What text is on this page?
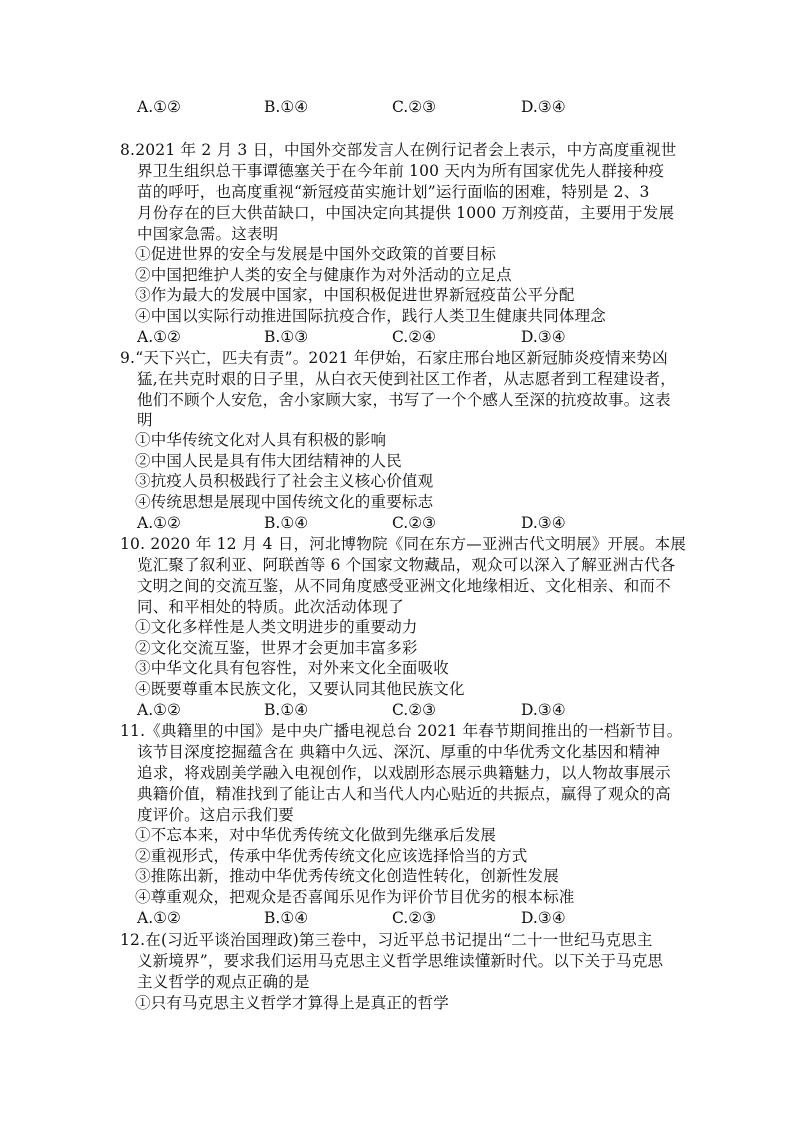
A.①②	B.①④	C.②③	D.③④
8.2021 年 2 月 3 日，中国外交部发言人在例行记者会上表示，中方高度重视世
界卫生组织总干事谭德塞关于在今年前 100 天内为所有国家优先人群接种疫
苗的呼吁，也高度重视“新冠疫苗实施计划”运行面临的困难，特别是 2、3
月份存在的巨大供苗缺口，中国决定向其提供 1000 万剂疫苗，主要用于发展
中国家急需。这表明
①促进世界的安全与发展是中国外交政策的首要目标
②中国把维护人类的安全与健康作为对外活动的立足点
③作为最大的发展中国家，中国积极促进世界新冠疫苗公平分配
④中国以实际行动推进国际抗疫合作，践行人类卫生健康共同体理念
A.①②	B.①③	C.②④	D.③④
9.“天下兴亡，匹夫有责”。2021 年伊始，石家庄邢台地区新冠肺炎疫情来势凶
猛,在共克时艰的日子里，从白衣天使到社区工作者，从志愿者到工程建设者，
他们不顾个人安危，舍小家顾大家，书写了一个个感人至深的抗疫故事。这表
明
①中华传统文化对人具有积极的影响
②中国人民是具有伟大团结精神的人民
③抗疫人员积极践行了社会主义核心价值观
④传统思想是展现中国传统文化的重要标志
A.①②	B.①④	C.②③	D.③④
10. 2020 年 12 月 4 日，河北博物院《同在东方—亚洲古代文明展》开展。本展
览汇聚了叙利亚、阿联酋等 6 个国家文物藏品，观众可以深入了解亚洲古代各
文明之间的交流互鉴，从不同角度感受亚洲文化地缘相近、文化相亲、和而不
同、和平相处的特质。此次活动体现了
①文化多样性是人类文明进步的重要动力
②文化交流互鉴，世界才会更加丰富多彩
③中华文化具有包容性，对外来文化全面吸收
④既要尊重本民族文化，又要认同其他民族文化
A.①②	B.①④	C.②③	D.③④
11.《典籍里的中国》是中央广播电视总台 2021 年春节期间推出的一档新节目。
该节目深度挖掘蕴含在 典籍中久远、深沉、厚重的中华优秀文化基因和精神
追求，将戏剧美学融入电视创作，以戏剧形态展示典籍魅力，以人物故事展示
典籍价值，精准找到了能让古人和当代人内心贴近的共振点，赢得了观众的高
度评价。这启示我们要
①不忘本来，对中华优秀传统文化做到先继承后发展
②重视形式，传承中华优秀传统文化应该选择恰当的方式
③推陈出新，推动中华优秀传统文化创造性转化，创新性发展
④尊重观众，把观众是否喜闻乐见作为评价节目优劣的根本标准
A.①②	B.①④	C.②③	D.③④
12.在(习近平谈治国理政)第三卷中，习近平总书记提出“二十一世纪马克思主
义新境界”，要求我们运用马克思主义哲学思维读懂新时代。以下关于马克思
主义哲学的观点正确的是
①只有马克思主义哲学才算得上是真正的哲学
